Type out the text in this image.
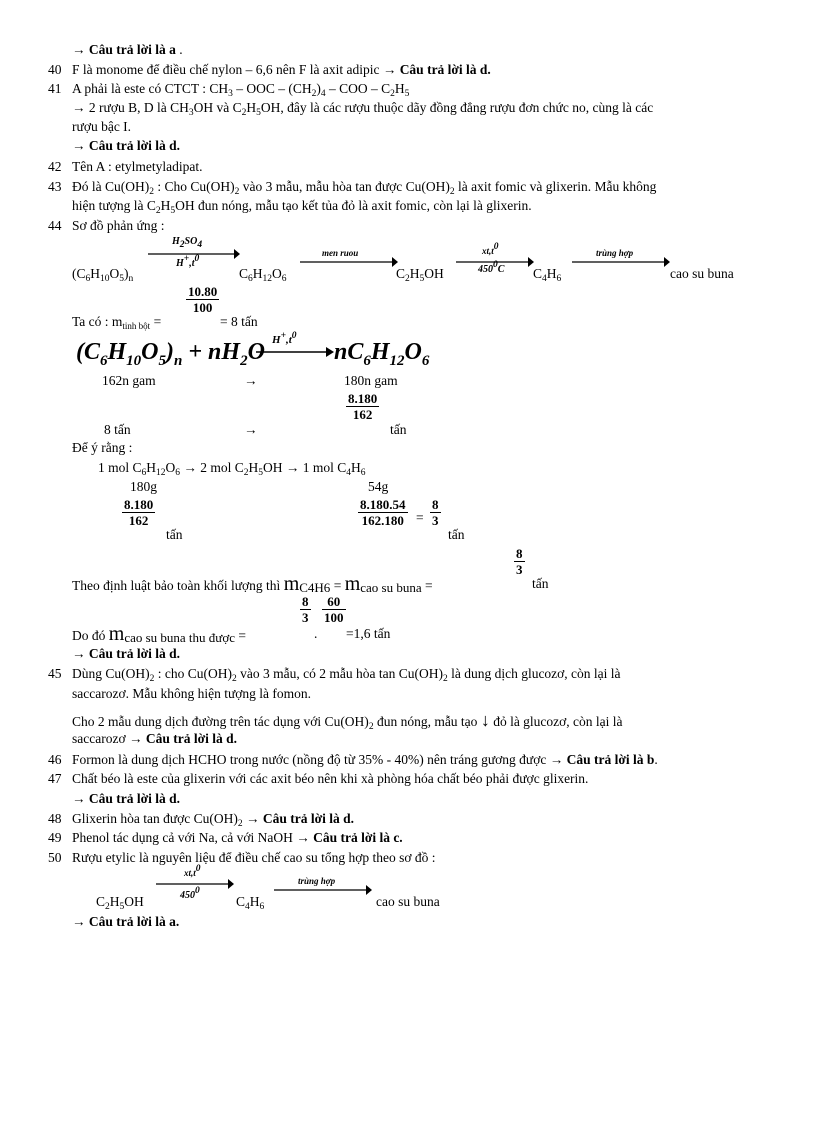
→ Câu trả lời là a .
40 F là monome để điều chế nylon – 6,6 nên F là axit adipic → Câu trả lời là d.
41 A phải là este có CTCT : $CH_3$ – OOC – $(CH_2)_4$ – COO – $C_2H_5$
→ 2 rượu B, D là $CH_3OH$ và $C_2H_5OH$, đây là các rượu thuộc dãy đồng đẳng rượu đơn chức no, cùng là các
rượu bậc I.
→ Câu trả lời là d.
42 Tên A : etylmetyladipat.
43 Đó là $Cu(OH)_2$ : Cho $Cu(OH)_2$ vào 3 mẫu, mẫu hòa tan được $Cu(OH)_2$ là axit fomic và glixerin. Mẫu không
hiện tượng là $C_2H_5OH$ đun nóng, mẫu tạo kết tủa đỏ là axit fomic, còn lại là glixerin.
44 Sơ đồ phản ứng :
$(C_6H_{10}O_5)_n$
$H_2SO_4$
$H^+,t^0$
$C_6H_{12}O_6$
men ruou
$C_2H_5OH$
$xt,t^0$
$450^0C$ $C_4H_6$
trùng hợp
cao su buna
Ta có : $m_{tinh bột}$ =
$\frac{10.80}{100}$
= 8 tấn
$(C_6H_{10}O_5)_n + nH_2O$ $H^+,t^0$
$nC_6H_{12}O_6$
162n gam	→	180n gam
$\frac{8.180}{162}$
8 tấn	→	tấn
Để ý rằng :
1 mol $C_6H_{12}O_6 \to 2$ mol $C_2H_5OH \to 1$ mol $C_4H_6$
180g	54g
$\frac{8.180}{162}$
tấn
$\frac{8.180.54}{162.180} = \frac{8}{3}$
tấn
Theo định luật bảo toàn khối lượng thì $m_{C4H6} = m_{cao su buna}$ =
$\frac{8}{3}$
tấn
Do đó $m_{cao su buna thu được}$ =
$\frac{8}{3}$
.
$\frac{60}{100}$
=1,6 tấn
→ Câu trả lời là d.
45 Dùng $Cu(OH)_2$ : cho $Cu(OH)_2$ vào 3 mẫu, có 2 mẫu hòa $\tan Cu(OH)_2$ là dung dịch glucozơ, còn lại là
saccarozơ. Mẫu không hiện tượng là fomon.
Cho 2 mẫu dung dịch đường trên tác dụng với $Cu(OH)_2$ đun nóng, mẫu tạo ↓ đỏ là glucozơ, còn lại là
saccarozơ → Câu trả lời là d.
46 Formon là dung dịch HCHO trong nước (nồng độ từ 35% - 40%) nên tráng gương được → Câu trả lời là b.
47 Chất béo là este của glixerin với các axit béo nên khi xà phòng hóa chất béo phải được glixerin.
→ Câu trả lời là d.
48 Glixerin hòa tan được $Cu(OH)_2$ → Câu trả lời là d.
49 Phenol tác dụng cả với Na, cả với NaOH → Câu trả lời là c.
50 Rượu etylic là nguyên liệu để điều chế cao su tổng hợp theo sơ đồ :
$C_2H_5OH$
$xt,t^0$
$450^0$
$C_4H_6$
trùng hợp
cao su buna
→ Câu trả lời là a.
